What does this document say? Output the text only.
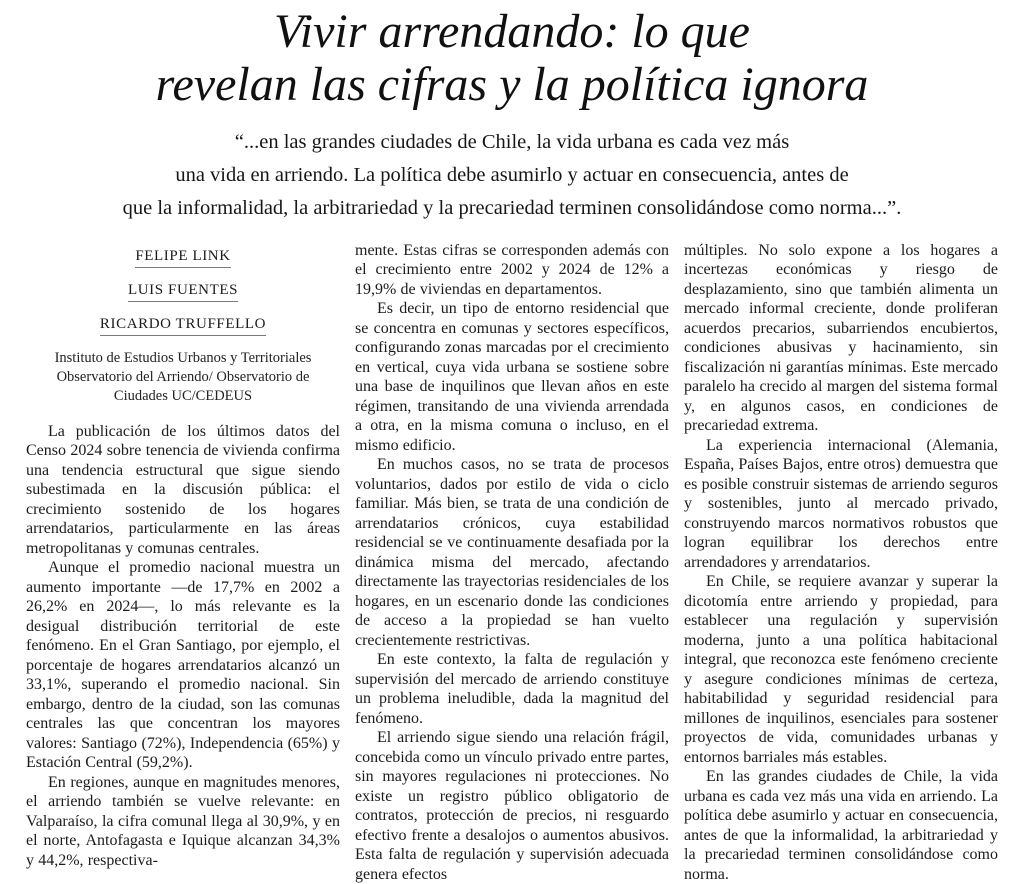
Vivir arrendando: lo que
revelan las cifras y la política ignora
“...en las grandes ciudades de Chile, la vida urbana es cada vez más
una vida en arriendo. La política debe asumirlo y actuar en consecuencia, antes de
que la informalidad, la arbitrariedad y la precariedad terminen consolidándose como norma...”.
FELIPE LINK
LUIS FUENTES
RICARDO TRUFFELLO
Instituto de Estudios Urbanos y Territoriales
Observatorio del Arriendo/ Observatorio de
Ciudades UC/CEDEUS

La publicación de los últimos datos del Censo 2024 sobre tenencia de vivienda confirma una tendencia estructural que sigue siendo subestimada en la discusión pública: el crecimiento sostenido de los hogares arrendatarios, particularmente en las áreas metropolitanas y comunas centrales.

Aunque el promedio nacional muestra un aumento importante —de 17,7% en 2002 a 26,2% en 2024—, lo más relevante es la desigual distribución territorial de este fenómeno. En el Gran Santiago, por ejemplo, el porcentaje de hogares arrendatarios alcanzó un 33,1%, superando el promedio nacional. Sin embargo, dentro de la ciudad, son las comunas centrales las que concentran los mayores valores: Santiago (72%), Independencia (65%) y Estación Central (59,2%).

En regiones, aunque en magnitudes menores, el arriendo también se vuelve relevante: en Valparaíso, la cifra comunal llega al 30,9%, y en el norte, Antofagasta e Iquique alcanzan 34,3% y 44,2%, respectiva-

mente. Estas cifras se corresponden además con el crecimiento entre 2002 y 2024 de 12% a 19,9% de viviendas en departamentos.

Es decir, un tipo de entorno residencial que se concentra en comunas y sectores específicos, configurando zonas marcadas por el crecimiento en vertical, cuya vida urbana se sostiene sobre una base de inquilinos que llevan años en este régimen, transitando de una vivienda arrendada a otra, en la misma comuna o incluso, en el mismo edificio.

En muchos casos, no se trata de procesos voluntarios, dados por estilo de vida o ciclo familiar. Más bien, se trata de una condición de arrendatarios crónicos, cuya estabilidad residencial se ve continuamente desafiada por la dinámica misma del mercado, afectando directamente las trayectorias residenciales de los hogares, en un escenario donde las condiciones de acceso a la propiedad se han vuelto crecientemente restrictivas.

En este contexto, la falta de regulación y supervisión del mercado de arriendo constituye un problema ineludible, dada la magnitud del fenómeno.

El arriendo sigue siendo una relación frágil, concebida como un vínculo privado entre partes, sin mayores regulaciones ni protecciones. No existe un registro público obligatorio de contratos, protección de precios, ni resguardo efectivo frente a desalojos o aumentos abusivos. Esta falta de regulación y supervisión adecuada genera efectos

múltiples. No solo expone a los hogares a incertezas económicas y riesgo de desplazamiento, sino que también alimenta un mercado informal creciente, donde proliferan acuerdos precarios, subarriendos encubiertos, condiciones abusivas y hacinamiento, sin fiscalización ni garantías mínimas. Este mercado paralelo ha crecido al margen del sistema formal y, en algunos casos, en condiciones de precariedad extrema.

La experiencia internacional (Alemania, España, Países Bajos, entre otros) demuestra que es posible construir sistemas de arriendo seguros y sostenibles, junto al mercado privado, construyendo marcos normativos robustos que logran equilibrar los derechos entre arrendadores y arrendatarios.

En Chile, se requiere avanzar y superar la dicotomía entre arriendo y propiedad, para establecer una regulación y supervisión moderna, junto a una política habitacional integral, que reconozca este fenómeno creciente y asegure condiciones mínimas de certeza, habitabilidad y seguridad residencial para millones de inquilinos, esenciales para sostener proyectos de vida, comunidades urbanas y entornos barriales más estables.

En las grandes ciudades de Chile, la vida urbana es cada vez más una vida en arriendo. La política debe asumirlo y actuar en consecuencia, antes de que la informalidad, la arbitrariedad y la precariedad terminen consolidándose como norma.
